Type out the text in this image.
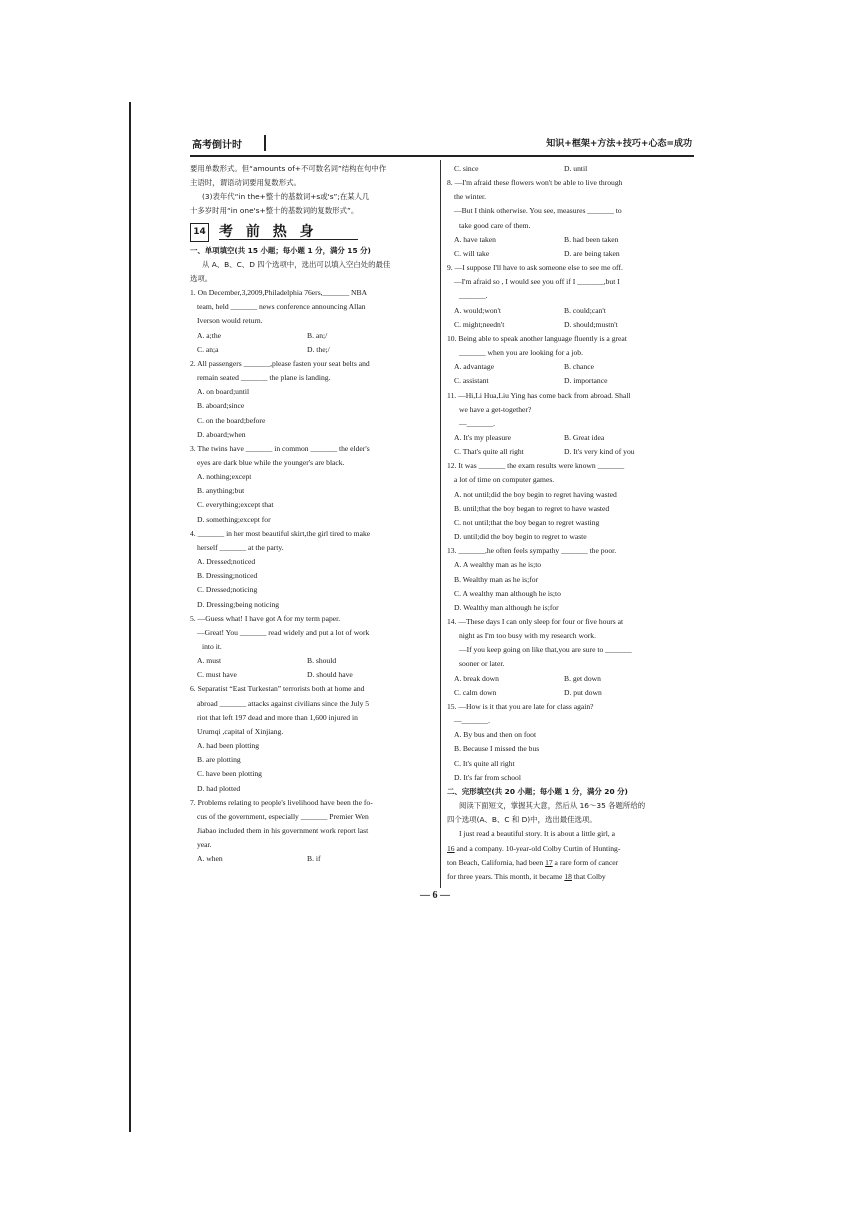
高考倒计时	知识+框架+方法+技巧+心态=成功

要用单数形式。但“amounts of+不可数名词”结构在句中作

主语时，谓语动词要用复数形式。

(3)表年代“in the+整十的基数词+s或's”;在某人几

十多岁时用“in one's+整十的基数词的复数形式”。

14 考 前 热 身

一、单项填空(共 15 小题；每小题 1 分，满分 15 分)

从 A、B、C、D 四个选项中，选出可以填入空白处的最佳

选项。

1. On December,3,2009,Philadelphia 76ers,_______ NBA

team, held _______ news conference announcing Allan

Iverson would return.

A. a;the	B. an;/
C. an;a	D. the;/

2. All passengers _______,please fasten your seat belts and

remain seated _______ the plane is landing.

A. on board;until

B. aboard;since

C. on the board;before

D. aboard;when

3. The twins have _______ in common _______ the elder's

eyes are dark blue while the younger's are black.

A. nothing;except

B. anything;but

C. everything;except that

D. something;except for

4. _______ in her most beautiful skirt,the girl tired to make

herself _______ at the party.

A. Dressed;noticed

B. Dressing;noticed

C. Dressed;noticing

D. Dressing;being noticing

5. —Guess what! I have got A for my term paper.

—Great! You _______ read widely and put a lot of work

into it.

A. must	B. should
C. must have	D. should have

6. Separatist “East Turkestan” terrorists both at home and

abroad _______ attacks against civilians since the July 5

riot that left 197 dead and more than 1,600 injured in

Urumqi ,capital of Xinjiang.

A. had been plotting

B. are plotting

C. have been plotting

D. had plotted

7. Problems relating to people's livelihood have been the fo-

cus of the government, especially _______ Premier Wen

Jiabao included them in his government work report last

year.

A. when	B. if
C. since	D. until

8. —I'm afraid these flowers won't be able to live through

the winter.

—But I think otherwise. You see, measures _______ to

take good care of them.

A. have taken	B. had been taken
C. will take	D. are being taken

9. —I suppose I'll have to ask someone else to see me off.

—I'm afraid so , I would see you off if I _______,but I

_______.

A. would;won't	B. could;can't
C. might;needn't	D. should;mustn't

10. Being able to speak another language fluently is a great

_______ when you are looking for a job.

A. advantage	B. chance
C. assistant	D. importance

11. —Hi,Li Hua,Liu Ying has come back from abroad. Shall

we have a get-together?

—_______.

A. It's my pleasure	B. Great idea
C. That's quite all right	D. It's very kind of you

12. It was _______ the exam results were known _______

a lot of time on computer games.

A. not until;did the boy begin to regret having wasted

B. until;that the boy began to regret to have wasted

C. not until;that the boy began to regret wasting

D. until;did the boy begin to regret to waste

13. _______,he often feels sympathy _______ the poor.

A. A wealthy man as he is;to

B. Wealthy man as he is;for

C. A wealthy man although he is;to

D. Wealthy man although he is;for

14. —These days I can only sleep for four or five hours at

night as I'm too busy with my research work.

—If you keep going on like that,you are sure to _______

sooner or later.

A. break down	B. get down
C. calm down	D. put down

15. —How is it that you are late for class again?

—_______.

A. By bus and then on foot

B. Because I missed the bus

C. It's quite all right

D. It's far from school

二、完形填空(共 20 小题；每小题 1 分，满分 20 分)

阅读下面短文，掌握其大意，然后从 16～35 各题所给的

四个选项(A、B、C 和 D)中，选出最佳选项。

I just read a beautiful story. It is about a little girl, a

16 and a company. 10-year-old Colby Curtin of Hunting-

ton Beach, California, had been 17 a rare form of cancer

for three years. This month, it became 18 that Colby

— 6 —
